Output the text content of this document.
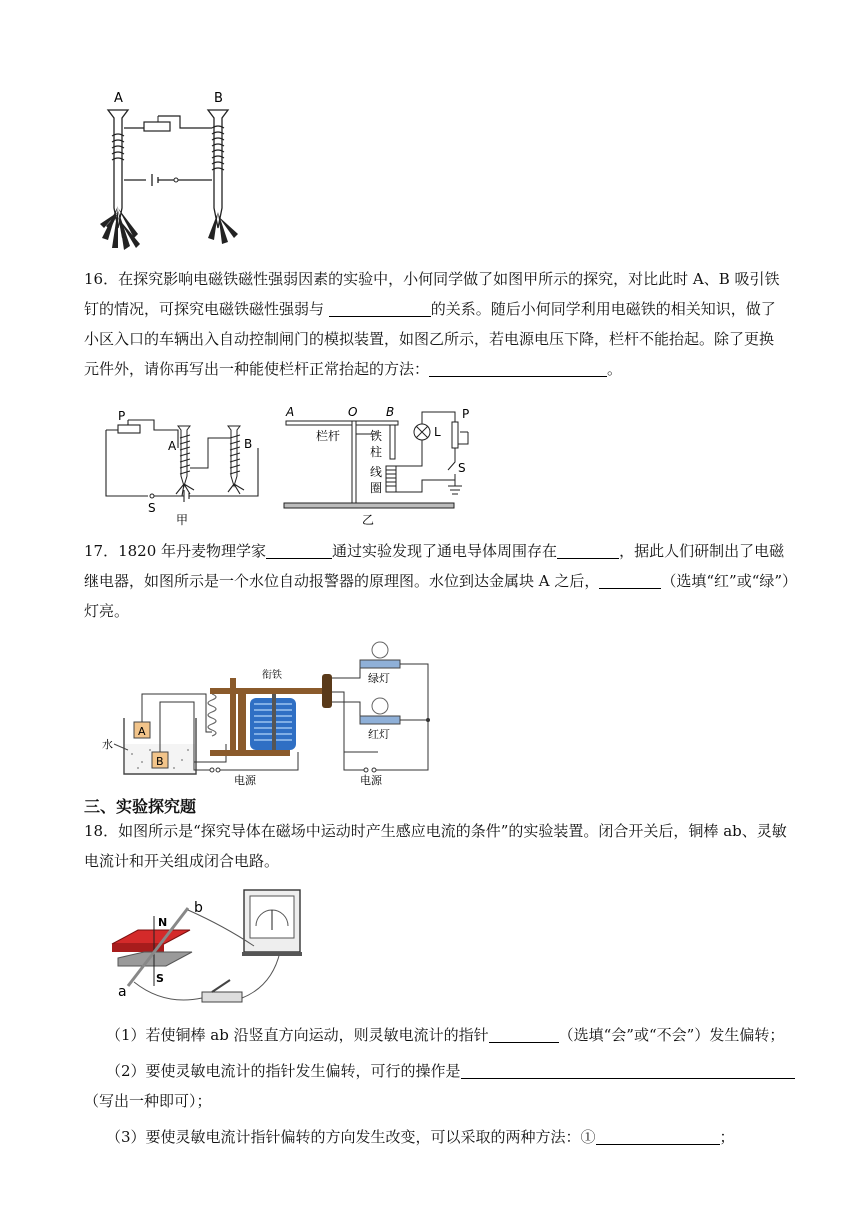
A	B
16．在探究影响电磁铁磁性强弱因素的实验中，小何同学做了如图甲所示的探究，对比此时 A、B 吸引铁
钉的情况，可探究电磁铁磁性强弱与	的关系。随后小何同学利用电磁铁的相关知识，做了
小区入口的车辆出入自动控制闸门的模拟装置，如图乙所示，若电源电压下降，栏杆不能抬起。除了更换
元件外，请你再写出一种能使栏杆正常抬起的方法：	。
P
A	B
S
甲
A	O B
栏杆 铁
柱
线
圈
乙
L
P
S
17．1820 年丹麦物理学家	通过实验发现了通电导体周围存在	，据此人们研制出了电磁
继电器，如图所示是一个水位自动报警器的原理图。水位到达金属块 A 之后，	（选填“红”或“绿”）
灯亮。
水
A
B
电源
衔铁	绿灯
红灯
电源
三、实验探究题
18．如图所示是“探究导体在磁场中运动时产生感应电流的条件”的实验装置。闭合开关后，铜棒 ab、灵敏
电流计和开关组成闭合电路。
N
S
a
b
（1）若使铜棒 ab 沿竖直方向运动，则灵敏电流计的指针	（选填“会”或“不会”）发生偏转；
（2）要使灵敏电流计的指针发生偏转，可行的操作是
（写出一种即可）；
（3）要使灵敏电流计指针偏转的方向发生改变，可以采取的两种方法：①	；
